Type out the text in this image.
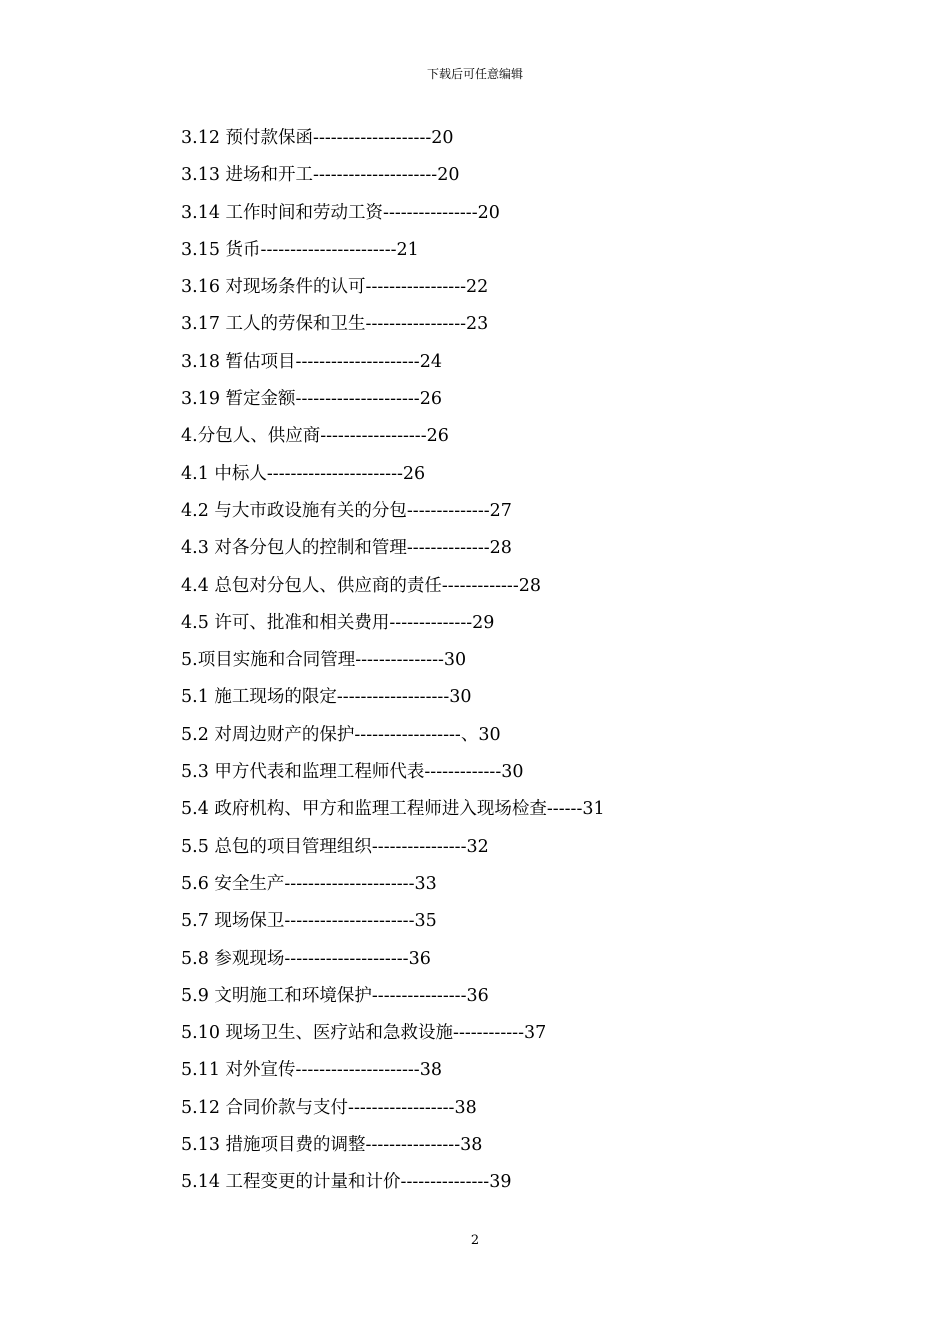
下载后可任意编辑
3.12 预付款保函--------------------20
3.13 进场和开工---------------------20
3.14 工作时间和劳动工资----------------20
3.15 货币-----------------------21
3.16 对现场条件的认可-----------------22
3.17 工人的劳保和卫生-----------------23
3.18 暂估项目---------------------24
3.19 暂定金额---------------------26
4.分包人、供应商------------------26
4.1 中标人-----------------------26
4.2 与大市政设施有关的分包--------------27
4.3 对各分包人的控制和管理--------------28
4.4 总包对分包人、供应商的责任-------------28
4.5 许可、批准和相关费用--------------29
5.项目实施和合同管理---------------30
5.1 施工现场的限定-------------------30
5.2 对周边财产的保护------------------、30
5.3 甲方代表和监理工程师代表-------------30
5.4 政府机构、甲方和监理工程师进入现场检查------31
5.5 总包的项目管理组织----------------32
5.6 安全生产----------------------33
5.7 现场保卫----------------------35
5.8 参观现场---------------------36
5.9 文明施工和环境保护----------------36
5.10 现场卫生、医疗站和急救设施------------37
5.11 对外宣传---------------------38
5.12 合同价款与支付------------------38
5.13 措施项目费的调整----------------38
5.14 工程变更的计量和计价---------------39
2
